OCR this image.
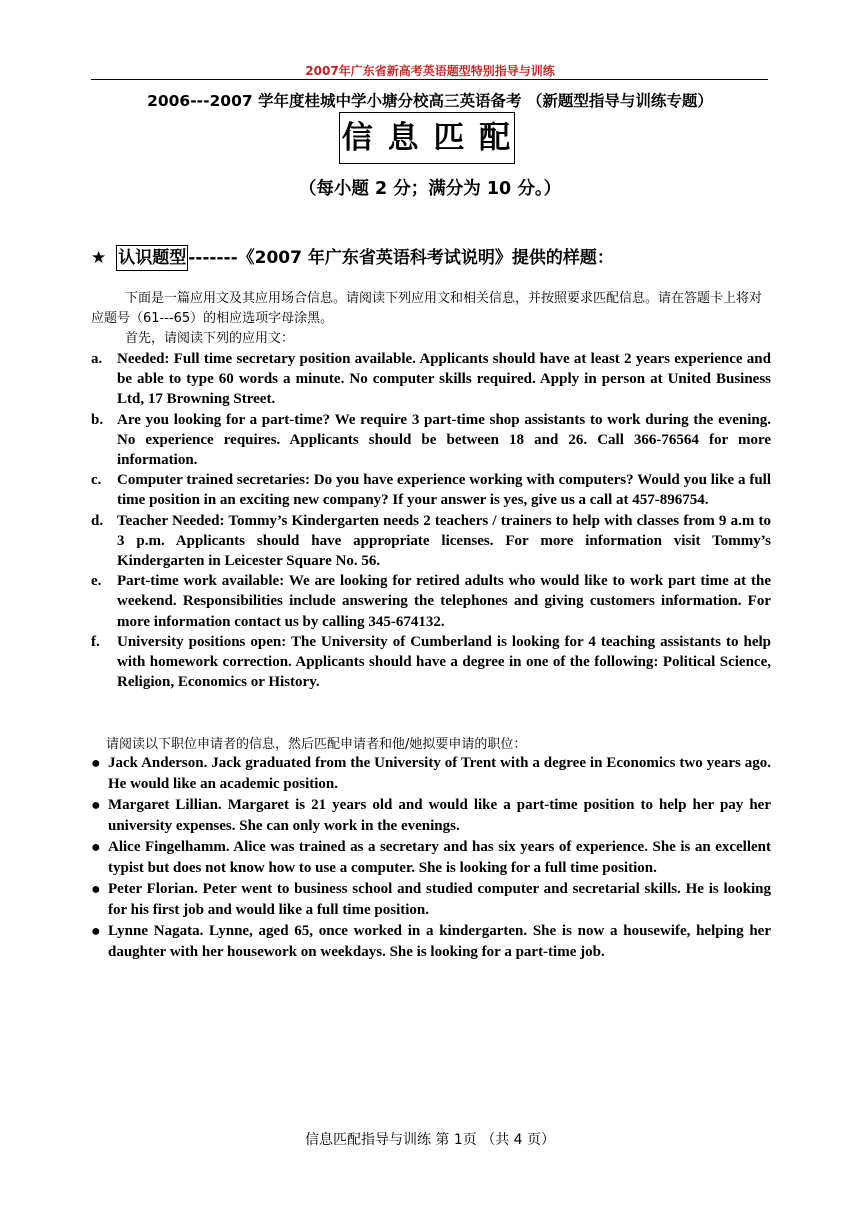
2007年广东省新高考英语题型特别指导与训练
2006---2007 学年度桂城中学小塘分校高三英语备考 （新题型指导与训练专题）
信 息 匹 配
（每小题 2 分；满分为 10 分。）
★ 认识题型 -------《2007 年广东省英语科考试说明》提供的样题：

下面是一篇应用文及其应用场合信息。请阅读下列应用文和相关信息，并按照要求匹配信息。请在答题卡上将对应题号（61---65）的相应选项字母涂黑。

首先，请阅读下列的应用文：

a. Needed: Full time secretary position available. Applicants should have at least 2 years experience and be able to type 60 words a minute. No computer skills required. Apply in person at United Business Ltd, 17 Browning Street.
b. Are you looking for a part-time? We require 3 part-time shop assistants to work during the evening. No experience requires. Applicants should be between 18 and 26. Call 366-76564 for more information.
c.	Computer trained secretaries: Do you have experience working with computers? Would you like a full time position in an exciting new company? If your answer is yes, give us a call at 457-896754.
d. Teacher Needed: Tommy’s Kindergarten needs 2 teachers / trainers to help with classes from 9 a.m to 3 p.m. Applicants should have appropriate licenses. For more information visit Tommy’s Kindergarten in Leicester Square No. 56.
e.	Part-time work available: We are looking for retired adults who would like to work part time at the weekend. Responsibilities include answering the telephones and giving customers information. For more information contact us by calling 345-674132.
f.	University positions open: The University of Cumberland is looking for 4 teaching assistants to help with homework correction. Applicants should have a degree in one of the following: Political Science, Religion, Economics or History.
请阅读以下职位申请者的信息，然后匹配申请者和他/她拟要申请的职位：
● Jack Anderson. Jack graduated from the University of Trent with a degree in Economics two years ago. He would like an academic position.
● Margaret Lillian. Margaret is 21 years old and would like a part-time position to help her pay her university expenses. She can only work in the evenings.
● Alice Fingelhamm. Alice was trained as a secretary and has six years of experience. She is an excellent typist but does not know how to use a computer. She is looking for a full time position.
● Peter Florian. Peter went to business school and studied computer and secretarial skills. He is looking for his first job and would like a full time position.
● Lynne Nagata. Lynne, aged 65, once worked in a kindergarten. She is now a housewife, helping her daughter with her housework on weekdays. She is looking for a part-time job.
信息匹配指导与训练 第 1页 （共 4 页）
